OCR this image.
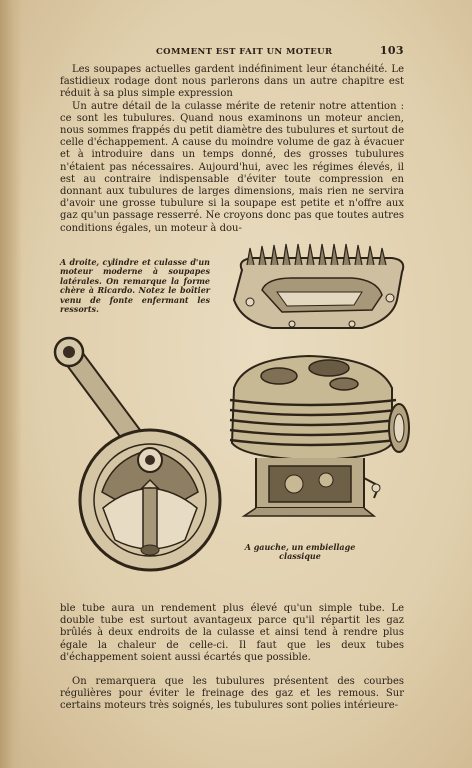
COMMENT EST FAIT UN MOTEUR	103

Les soupapes actuelles gardent indéfiniment leur étanchéité. Le fastidieux rodage dont nous parlerons dans un autre chapitre est réduit à sa plus simple expression

Un autre détail de la culasse mérite de retenir notre attention : ce sont les tubulures. Quand nous examinons un moteur ancien, nous sommes frappés du petit diamètre des tubulures et surtout de celle d'échappement. A cause du moindre volume de gaz à évacuer et à introduire dans un temps donné, des grosses tubulures n'étaient pas nécessaires. Aujourd'hui, avec les régimes élevés, il est au contraire indispensable d'éviter toute compression en donnant aux tubulures de larges dimensions, mais rien ne servira d'avoir une grosse tubulure si la soupape est petite et n'offre aux gaz qu'un passage resserré. Ne croyons donc pas que toutes autres conditions égales, un moteur à dou-

A droite, cylindre et culasse d'un moteur moderne à soupapes latérales. On remarque la forme chère à Ricardo. Notez le boîtier venu de fonte enfermant les ressorts.
A gauche, un embiellage classique

ble tube aura un rendement plus élevé qu'un simple tube. Le double tube est surtout avantageux parce qu'il répartit les gaz brûlés à deux endroits de la culasse et ainsi tend à rendre plus égale la chaleur de celle-ci. Il faut que les deux tubes d'échappement soient aussi écartés que possible.

On remarquera que les tubulures présentent des courbes régulières pour éviter le freinage des gaz et les remous. Sur certains moteurs très soignés, les tubulures sont polies intérieure-
